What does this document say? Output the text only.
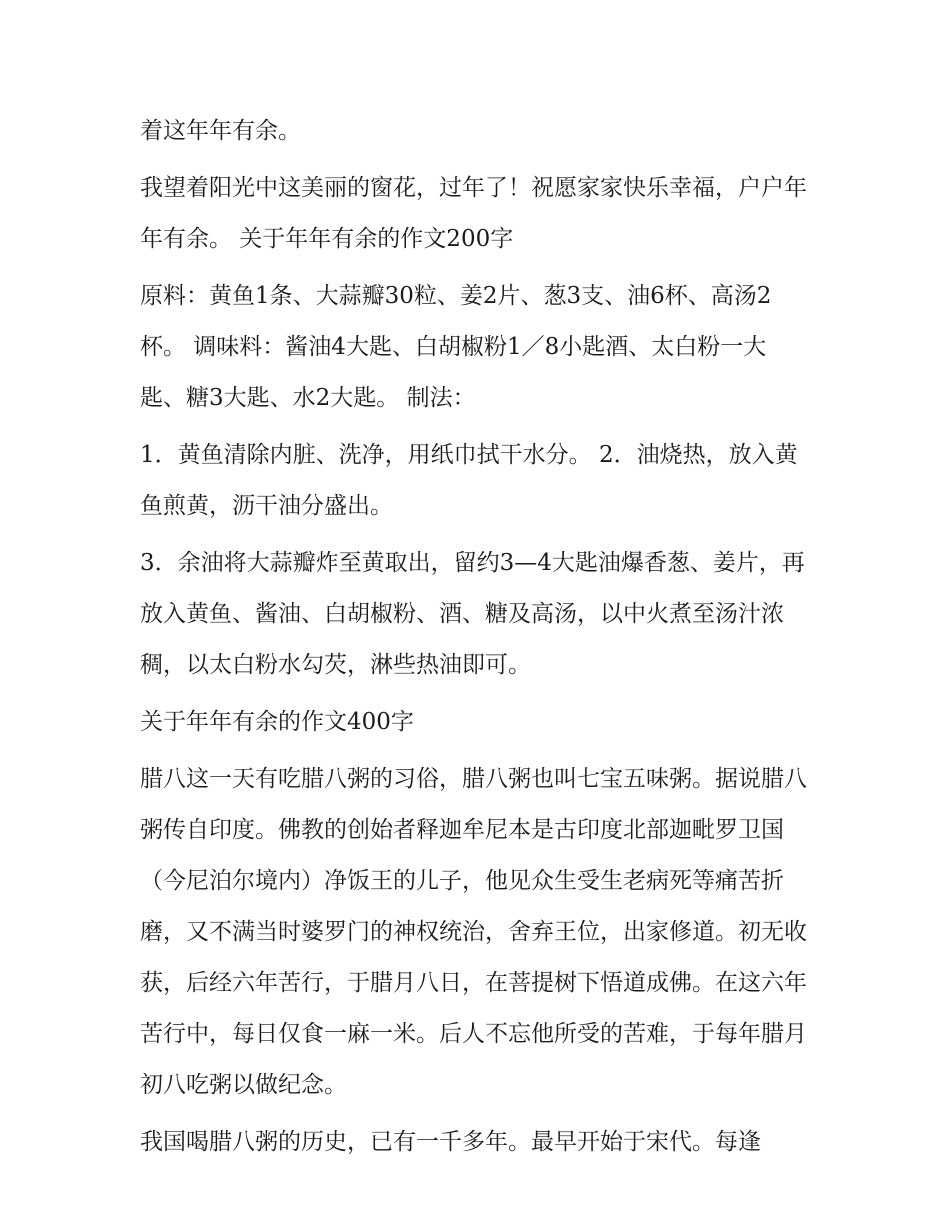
着这年年有余。

我望着阳光中这美丽的窗花，过年了！祝愿家家快乐幸福，户户年年有余。 关于年年有余的作文200字

原料：黄鱼1条、大蒜瓣30粒、姜2片、葱3支、油6杯、高汤2杯。 调味料：酱油4大匙、白胡椒粉1／8小匙酒、太白粉一大匙、糖3大匙、水2大匙。 制法：

1．黄鱼清除内脏、洗净，用纸巾拭干水分。 2．油烧热，放入黄鱼煎黄，沥干油分盛出。

3．余油将大蒜瓣炸至黄取出，留约3—4大匙油爆香葱、姜片，再放入黄鱼、酱油、白胡椒粉、酒、糖及高汤，以中火煮至汤汁浓稠，以太白粉水勾芡，淋些热油即可。

关于年年有余的作文400字

腊八这一天有吃腊八粥的习俗，腊八粥也叫七宝五味粥。据说腊八粥传自印度。佛教的创始者释迦牟尼本是古印度北部迦毗罗卫国（今尼泊尔境内）净饭王的儿子，他见众生受生老病死等痛苦折磨，又不满当时婆罗门的神权统治，舍弃王位，出家修道。初无收获，后经六年苦行，于腊月八日，在菩提树下悟道成佛。在这六年苦行中，每日仅食一麻一米。后人不忘他所受的苦难，于每年腊月初八吃粥以做纪念。

我国喝腊八粥的历史，已有一千多年。最早开始于宋代。每逢
